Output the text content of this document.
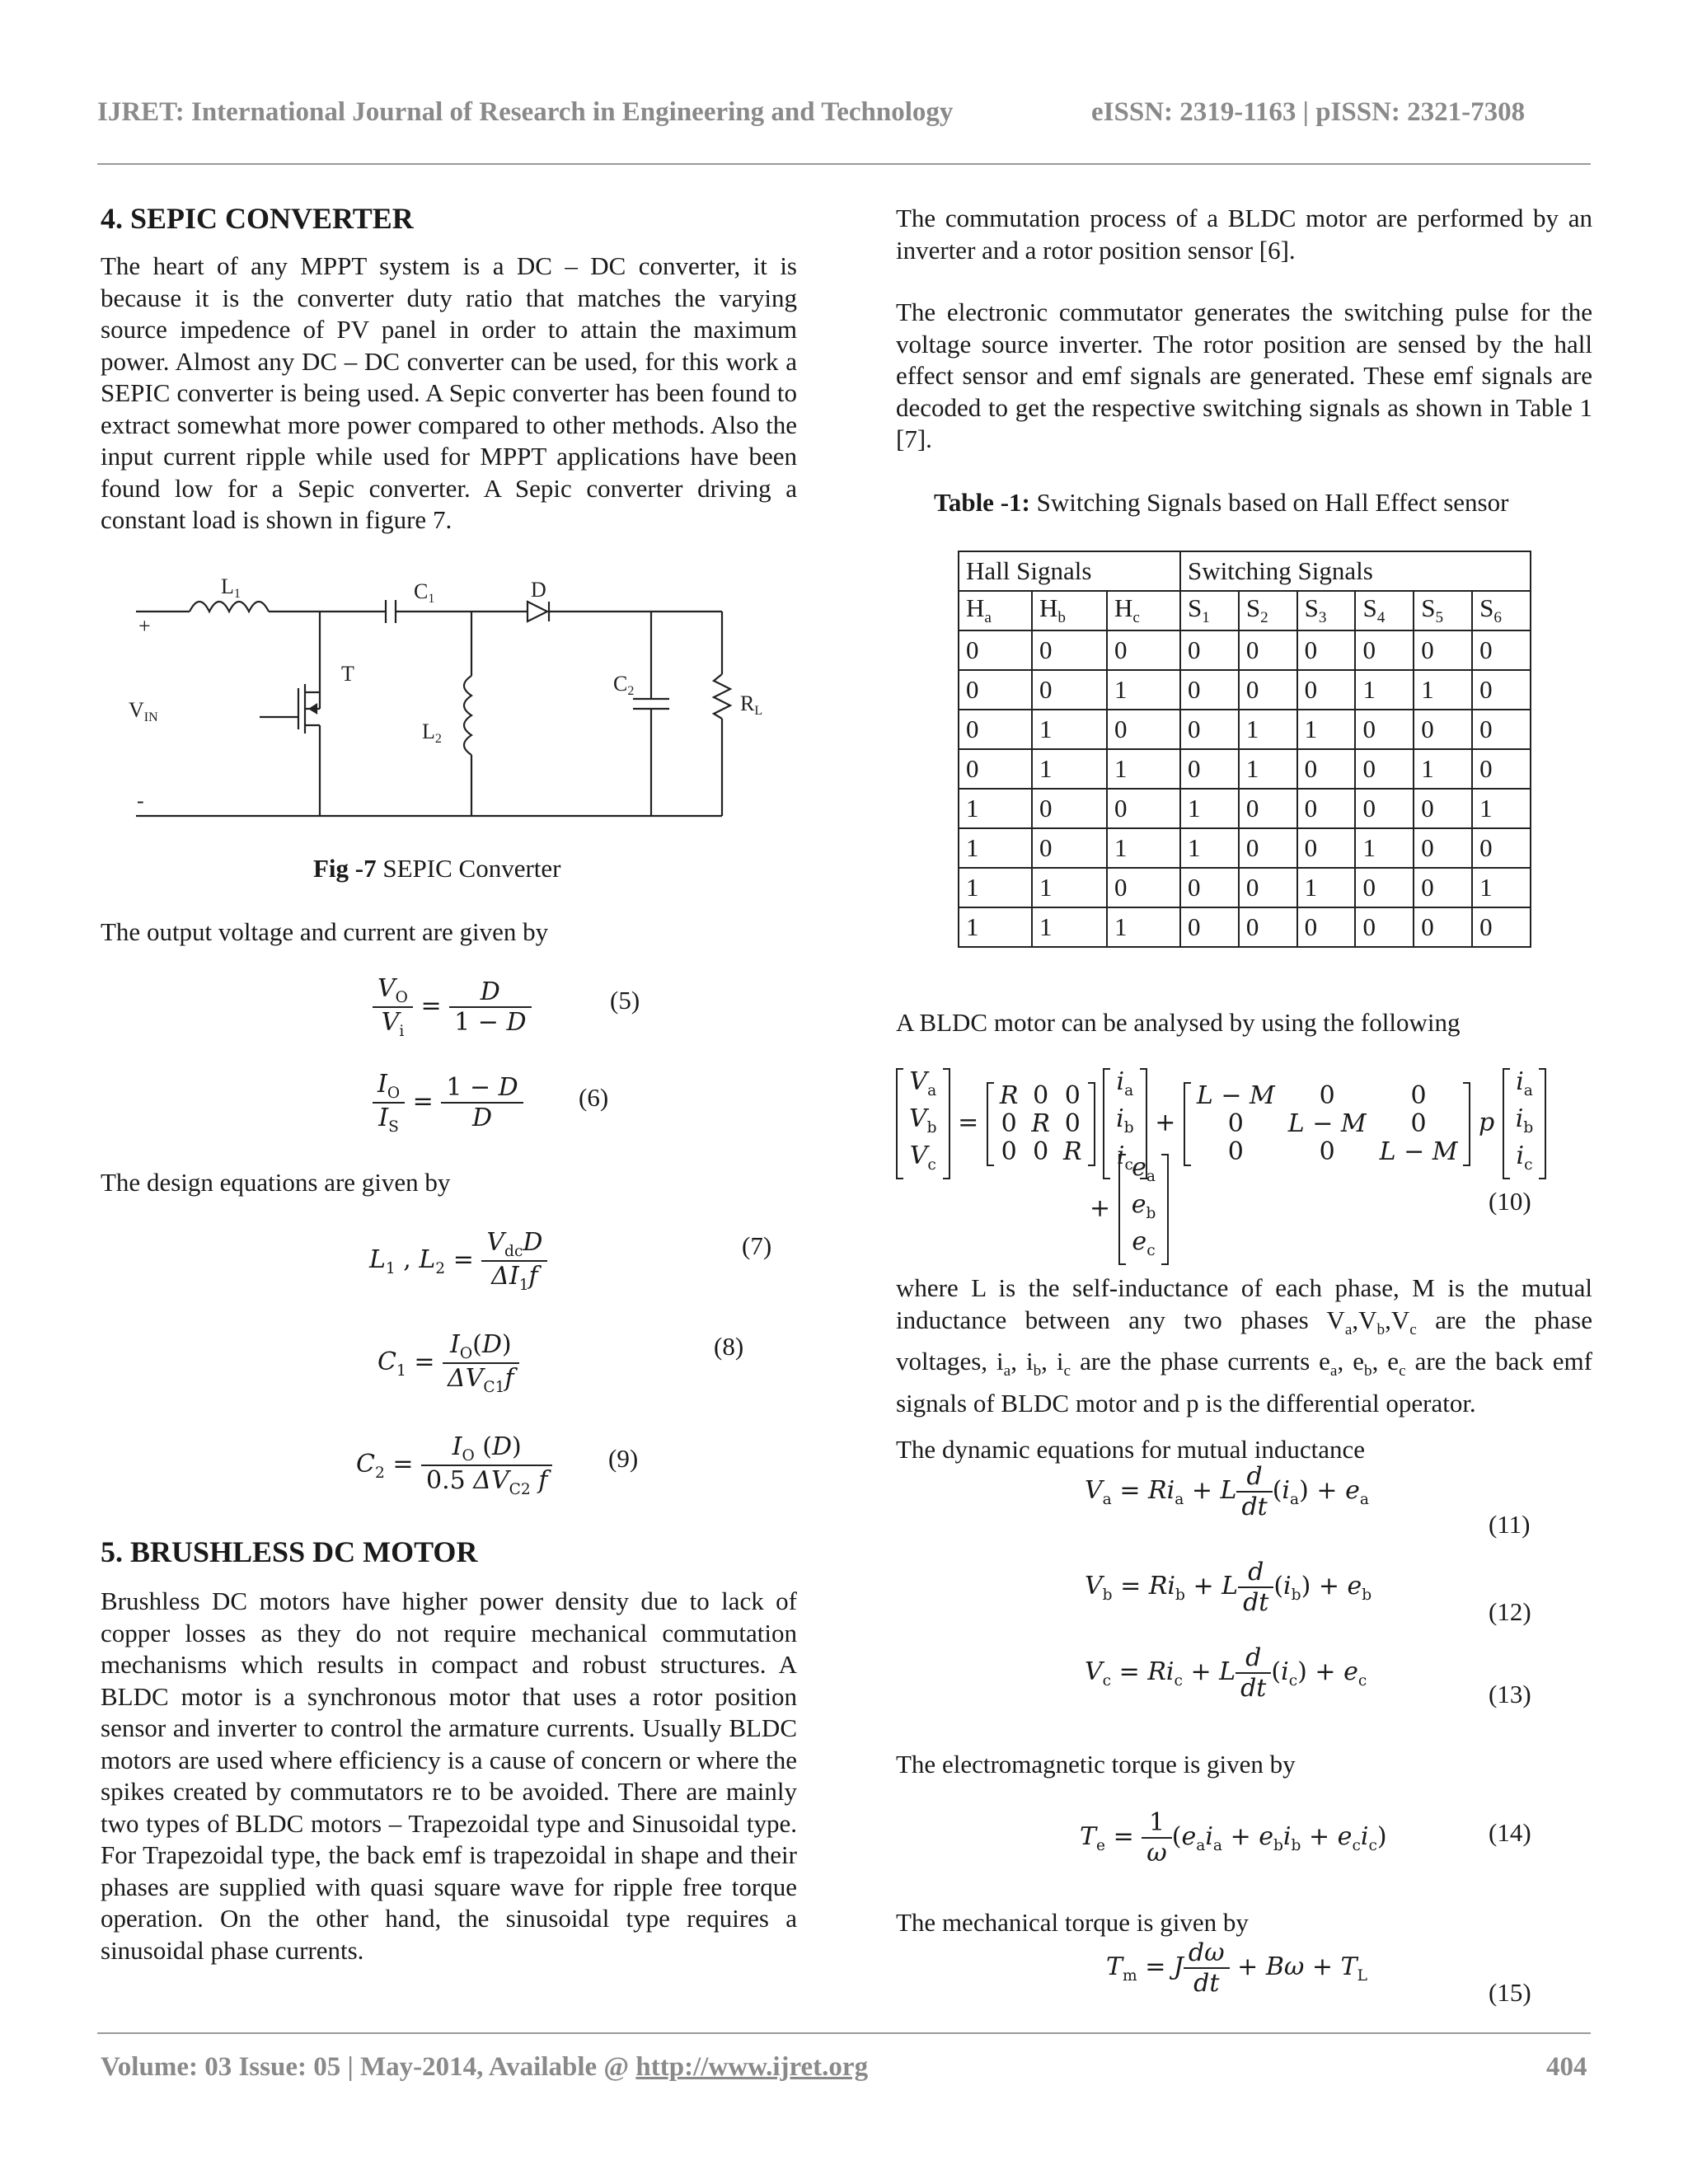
IJRET: International Journal of Research in Engineering and Technology	eISSN: 2319-1163 | pISSN: 2321-7308
4. SEPIC CONVERTER

The heart of any MPPT system is a DC – DC converter, it is because it is the converter duty ratio that matches the varying source impedence of PV panel in order to attain the maximum power. Almost any DC – DC converter can be used, for this work a SEPIC converter is being used. A Sepic converter has been found to extract somewhat more power compared to other methods. Also the input current ripple while used for MPPT applications have been found low for a Sepic converter. A Sepic converter driving a constant load is shown in figure 7.

L1	C1	D
+
T
VIN
C2
RL
L2
-
Fig -7 SEPIC Converter

The output voltage and current are given by

$\frac{V_O}{V_i} = \frac{D}{1 - D}$	(5)
$\frac{I_O}{I_S} = \frac{1 - D}{D} (6)$

The design equations are given by

$L_1$ , $L_2 = \frac{V_{dc}D}{\Delta I_1f}$	(7)
$C_1 = \frac{I_O(D)}{\Delta V_{C1}f}$	(8)
$C_2 = \frac{I_O (D)}{0.5 \Delta V_{C2} f} (9)$
5. BRUSHLESS DC MOTOR

Brushless DC motors have higher power density due to lack of copper losses as they do not require mechanical commutation mechanisms which results in compact and robust structures. A BLDC motor is a synchronous motor that uses a rotor position sensor and inverter to control the armature currents. Usually BLDC motors are used where efficiency is a cause of concern or where the spikes created by commutators re to be avoided. There are mainly two types of BLDC motors – Trapezoidal type and Sinusoidal type. For Trapezoidal type, the back emf is trapezoidal in shape and their phases are supplied with quasi square wave for ripple free torque operation. On the other hand, the sinusoidal type requires a sinusoidal phase currents.

The commutation process of a BLDC motor are performed by an inverter and a rotor position sensor [6].

The electronic commutator generates the switching pulse for the voltage source inverter. The rotor position are sensed by the hall effect sensor and emf signals are generated. These emf signals are decoded to get the respective switching signals as shown in Table 1 [7].

Table -1: Switching Signals based on Hall Effect sensor
Hall Signals			Switching Signals					
$H_a$	$H_b$	$H_c$	$S_1$	$S_2$	$S_3$	$S_4$	$S_5$	$S_6$
0	0	0	0	0	0	0	0	0
0	0	1	0	0	0	1	1	0
0	1	0	0	1	1	0	0	0
0	1	1	0	1	0	0	1	0
1	0	0	1	0	0	0	0	1
1	0	1	1	0	0	1	0	0
1	1	0	0	0	1	0	0	1
1	1	1	0	0	0	0	0	0

A BLDC motor can be analysed by using the following

$V_a$
$V_b$
$V_c$
=
R	0	0
0	R	0
0	0	R

$i_a$
$i_b$
$i_c$
+
L − M	0	0
0	L − M	0
0	0	L − M
p
$i_a$
$i_b$
$i_c$
+
$e_a$
$e_b$
$e_c$
(10)

where L is the self-inductance of each phase, M is the mutual inductance between any two phases $V_a,V_b,V_c$ are the phase voltages, $i_a$, $i_b$, $i_c$ are the phase currents $e_a$, $e_b$, $e_c$ are the back emf signals of BLDC motor and p is the differential operator.

The dynamic equations for mutual inductance

$V_a = Ri_a + L \frac{d}{dt} (i_a) + e_a$
(11)
$V_b = Ri_b + L \frac{d}{dt} (i_b) + e_b$
(12)
$V_c = Ri_c + L \frac{d}{dt} (i_c) + e_c$	(13)

The electromagnetic torque is given by

$T_e = \frac{1}{\omega} (e_ai_a + e_bi_b + e_ci_c)$	(14)

The mechanical torque is given by

$T_m = J \frac{d\omega}{dt} + B\omega + T_L$
(15)
Volume: 03 Issue: 05 | May-2014, Available @ http://www.ijret.org	404
